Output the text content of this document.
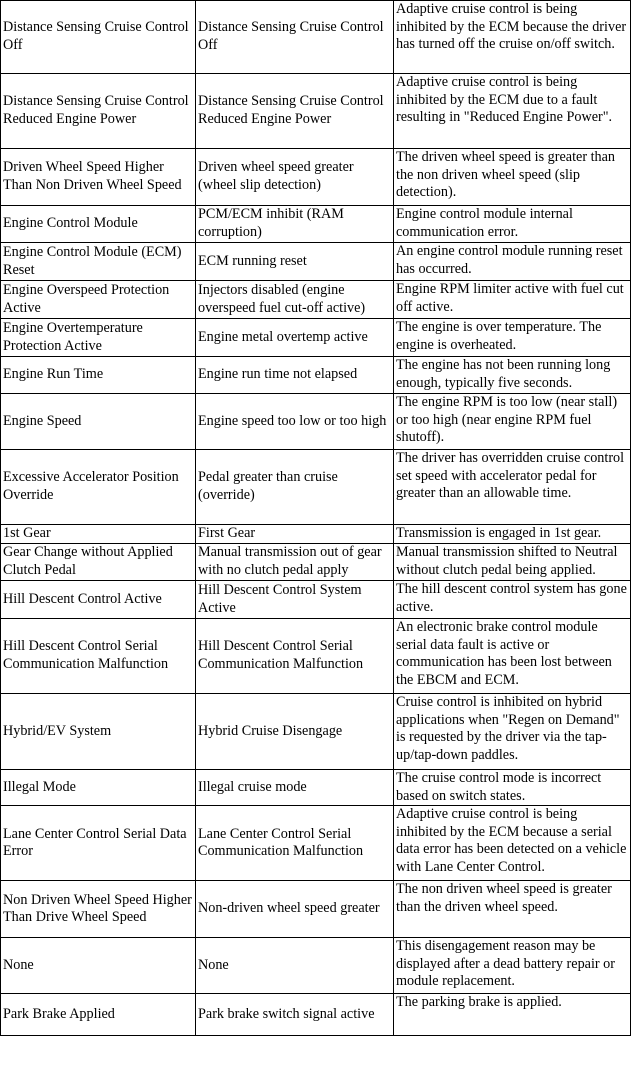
Distance Sensing Cruise Control Off	Distance Sensing Cruise Control Off	Adaptive cruise control is being inhibited by the ECM because the driver has turned off the cruise on/off switch.
Distance Sensing Cruise Control Reduced Engine Power	Distance Sensing Cruise Control Reduced Engine Power	Adaptive cruise control is being inhibited by the ECM due to a fault resulting in "Reduced Engine Power".
Driven Wheel Speed Higher Than Non Driven Wheel Speed	Driven wheel speed greater (wheel slip detection)	The driven wheel speed is greater than the non driven wheel speed (slip detection).
Engine Control Module	PCM/ECM inhibit (RAM corruption)	Engine control module internal communication error.
Engine Control Module (ECM) Reset	ECM running reset	An engine control module running reset has occurred.
Engine Overspeed Protection Active	Injectors disabled (engine overspeed fuel cut-off active)	Engine RPM limiter active with fuel cut off active.
Engine Overtemperature Protection Active	Engine metal overtemp active	The engine is over temperature. The engine is overheated.
Engine Run Time	Engine run time not elapsed	The engine has not been running long enough, typically five seconds.
Engine Speed	Engine speed too low or too high	The engine RPM is too low (near stall) or too high (near engine RPM fuel shutoff).
Excessive Accelerator Position Override	Pedal greater than cruise (override)	The driver has overridden cruise control set speed with accelerator pedal for greater than an allowable time.
1st Gear	First Gear	Transmission is engaged in 1st gear.
Gear Change without Applied Clutch Pedal	Manual transmission out of gear with no clutch pedal apply	Manual transmission shifted to Neutral without clutch pedal being applied.
Hill Descent Control Active	Hill Descent Control System Active	The hill descent control system has gone active.
Hill Descent Control Serial Communication Malfunction	Hill Descent Control Serial Communication Malfunction	An electronic brake control module serial data fault is active or communication has been lost between the EBCM and ECM.
Hybrid/EV System	Hybrid Cruise Disengage	Cruise control is inhibited on hybrid applications when "Regen on Demand" is requested by the driver via the tap-up/tap-down paddles.
Illegal Mode	Illegal cruise mode	The cruise control mode is incorrect based on switch states.
Lane Center Control Serial Data Error	Lane Center Control Serial Communication Malfunction	Adaptive cruise control is being inhibited by the ECM because a serial data error has been detected on a vehicle with Lane Center Control.
Non Driven Wheel Speed Higher Than Drive Wheel Speed	Non-driven wheel speed greater	The non driven wheel speed is greater than the driven wheel speed.
None	None	This disengagement reason may be displayed after a dead battery repair or module replacement.
Park Brake Applied	Park brake switch signal active	The parking brake is applied.
